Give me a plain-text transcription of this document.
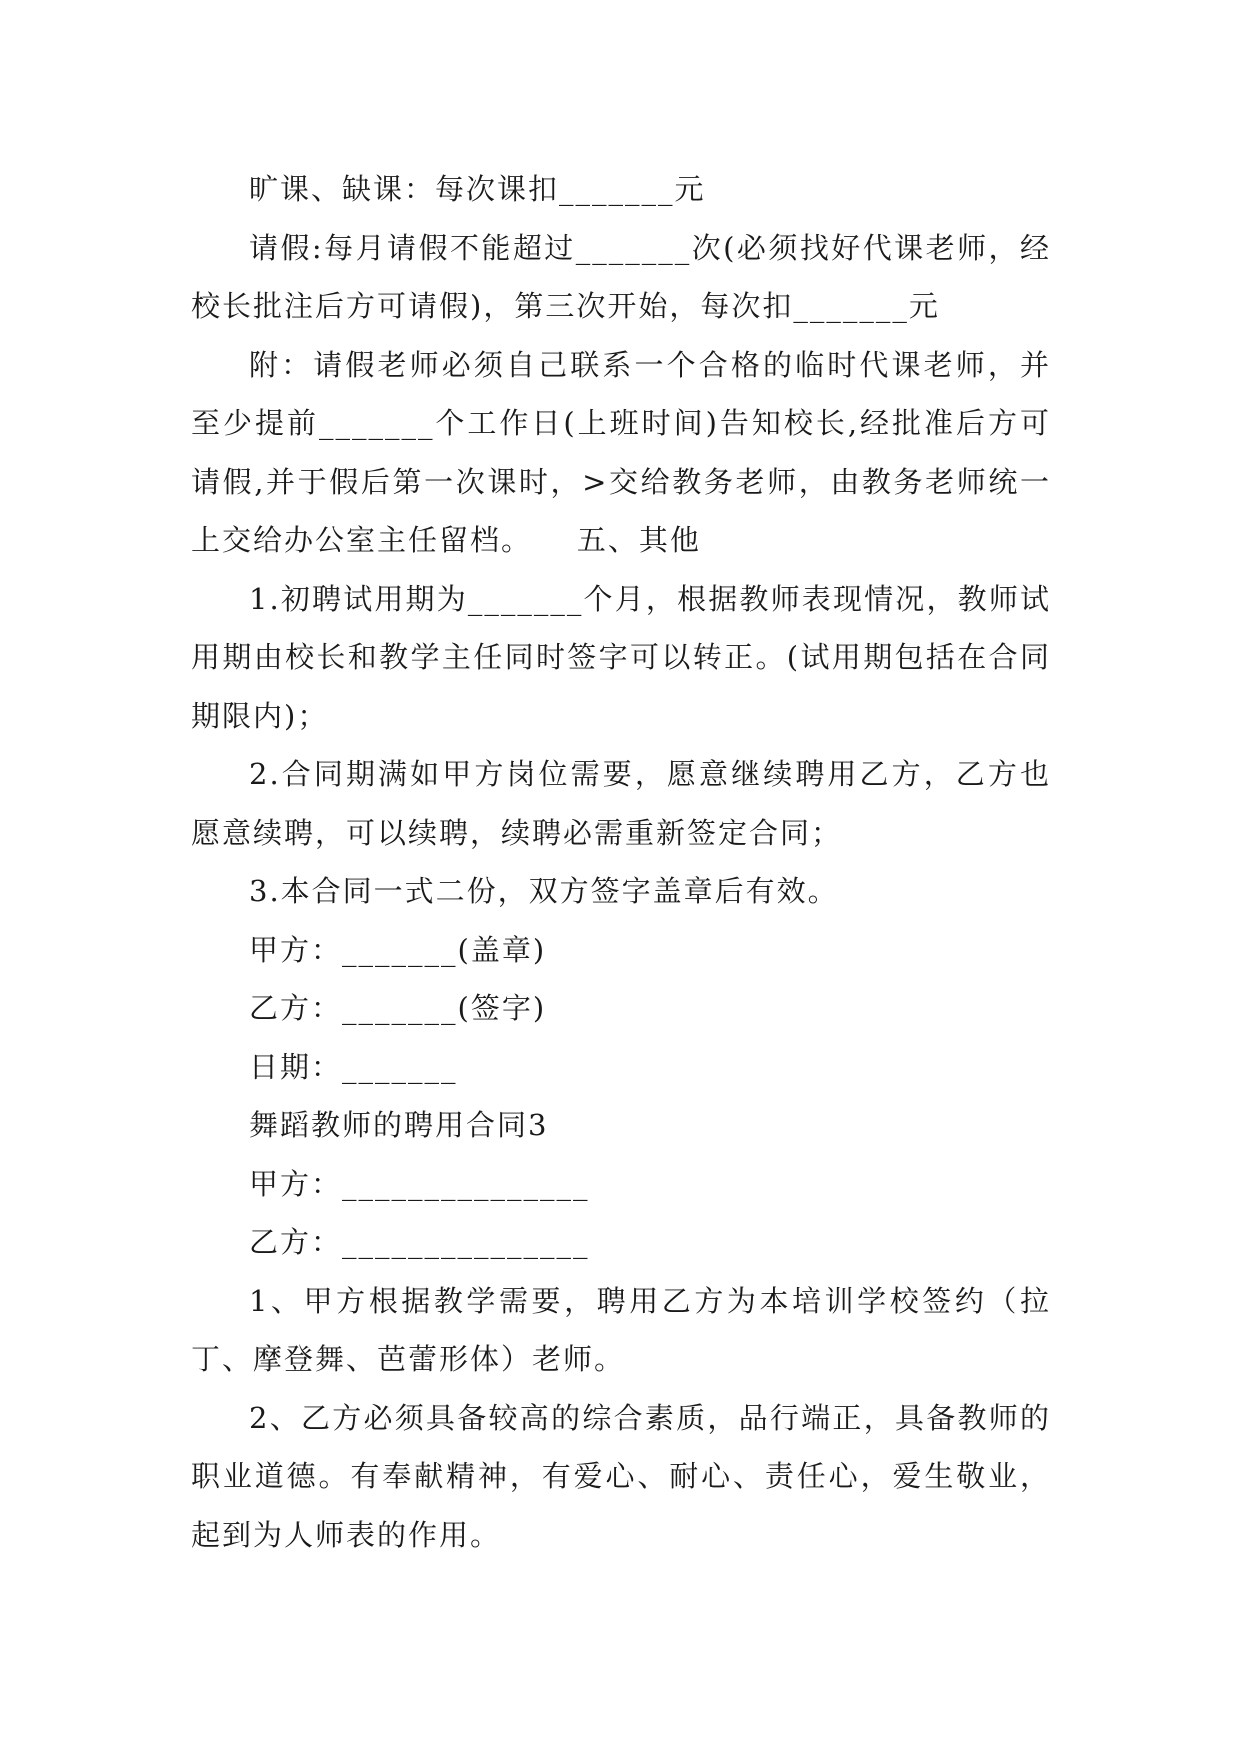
旷课、缺课：每次课扣_______元

请假:每月请假不能超过_______次(必须找好代课老师，经校长批注后方可请假)，第三次开始，每次扣_______元

附：请假老师必须自己联系一个合格的临时代课老师，并至少提前_______个工作日(上班时间)告知校长,经批准后方可请假,并于假后第一次课时，>交给教务老师，由教务老师统一上交给办公室主任留档。    五、其他

1.初聘试用期为_______个月，根据教师表现情况，教师试用期由校长和教学主任同时签字可以转正。(试用期包括在合同期限内)；

2.合同期满如甲方岗位需要，愿意继续聘用乙方，乙方也愿意续聘，可以续聘，续聘必需重新签定合同；

3.本合同一式二份，双方签字盖章后有效。

甲方：_______(盖章)

乙方：_______(签字)

日期：_______

舞蹈教师的聘用合同3

甲方：_______________

乙方：_______________

1、甲方根据教学需要，聘用乙方为本培训学校签约（拉丁、摩登舞、芭蕾形体）老师。

2、乙方必须具备较高的综合素质，品行端正，具备教师的职业道德。有奉献精神，有爱心、耐心、责任心，爱生敬业，起到为人师表的作用。
